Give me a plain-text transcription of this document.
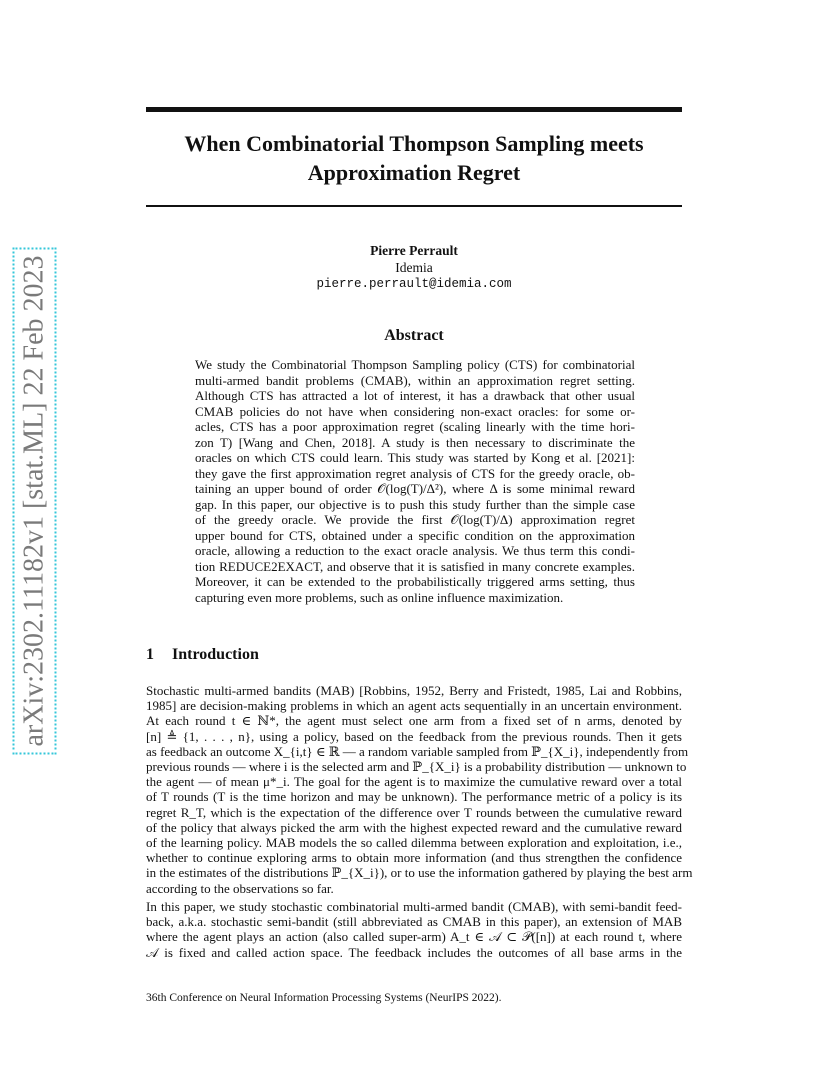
arXiv:2302.11182v1 [stat.ML] 22 Feb 2023
When Combinatorial Thompson Sampling meets
Approximation Regret
Pierre Perrault
Idemia
pierre.perrault@idemia.com
Abstract
We study the Combinatorial Thompson Sampling policy (CTS) for combinatorial
multi-armed bandit problems (CMAB), within an approximation regret setting.
Although CTS has attracted a lot of interest, it has a drawback that other usual
CMAB policies do not have when considering non-exact oracles: for some or-
acles, CTS has a poor approximation regret (scaling linearly with the time hori-
zon T) [Wang and Chen, 2018]. A study is then necessary to discriminate the
oracles on which CTS could learn. This study was started by Kong et al. [2021]:
they gave the first approximation regret analysis of CTS for the greedy oracle, ob-
taining an upper bound of order 𝒪(log(T)/Δ²), where Δ is some minimal reward
gap. In this paper, our objective is to push this study further than the simple case
of the greedy oracle. We provide the first 𝒪(log(T)/Δ) approximation regret
upper bound for CTS, obtained under a specific condition on the approximation
oracle, allowing a reduction to the exact oracle analysis. We thus term this condi-
tion REDUCE2EXACT, and observe that it is satisfied in many concrete examples.
Moreover, it can be extended to the probabilistically triggered arms setting, thus
capturing even more problems, such as online influence maximization.
1 Introduction
Stochastic multi-armed bandits (MAB) [Robbins, 1952, Berry and Fristedt, 1985, Lai and Robbins,
1985] are decision-making problems in which an agent acts sequentially in an uncertain environment.
At each round t ∈ ℕ*, the agent must select one arm from a fixed set of n arms, denoted by
[n] ≜ {1, . . . , n}, using a policy, based on the feedback from the previous rounds. Then it gets
as feedback an outcome X_{i,t} ∈ ℝ — a random variable sampled from ℙ_{X_i}, independently from
previous rounds — where i is the selected arm and ℙ_{X_i} is a probability distribution — unknown to
the agent — of mean μ*_i. The goal for the agent is to maximize the cumulative reward over a total
of T rounds (T is the time horizon and may be unknown). The performance metric of a policy is its
regret R_T, which is the expectation of the difference over T rounds between the cumulative reward
of the policy that always picked the arm with the highest expected reward and the cumulative reward
of the learning policy. MAB models the so called dilemma between exploration and exploitation, i.e.,
whether to continue exploring arms to obtain more information (and thus strengthen the confidence
in the estimates of the distributions ℙ_{X_i}), or to use the information gathered by playing the best arm
according to the observations so far.
In this paper, we study stochastic combinatorial multi-armed bandit (CMAB), with semi-bandit feed-
back, a.k.a. stochastic semi-bandit (still abbreviated as CMAB in this paper), an extension of MAB
where the agent plays an action (also called super-arm) A_t ∈ 𝒜 ⊂ 𝒫([n]) at each round t, where
𝒜 is fixed and called action space. The feedback includes the outcomes of all base arms in the
36th Conference on Neural Information Processing Systems (NeurIPS 2022).
